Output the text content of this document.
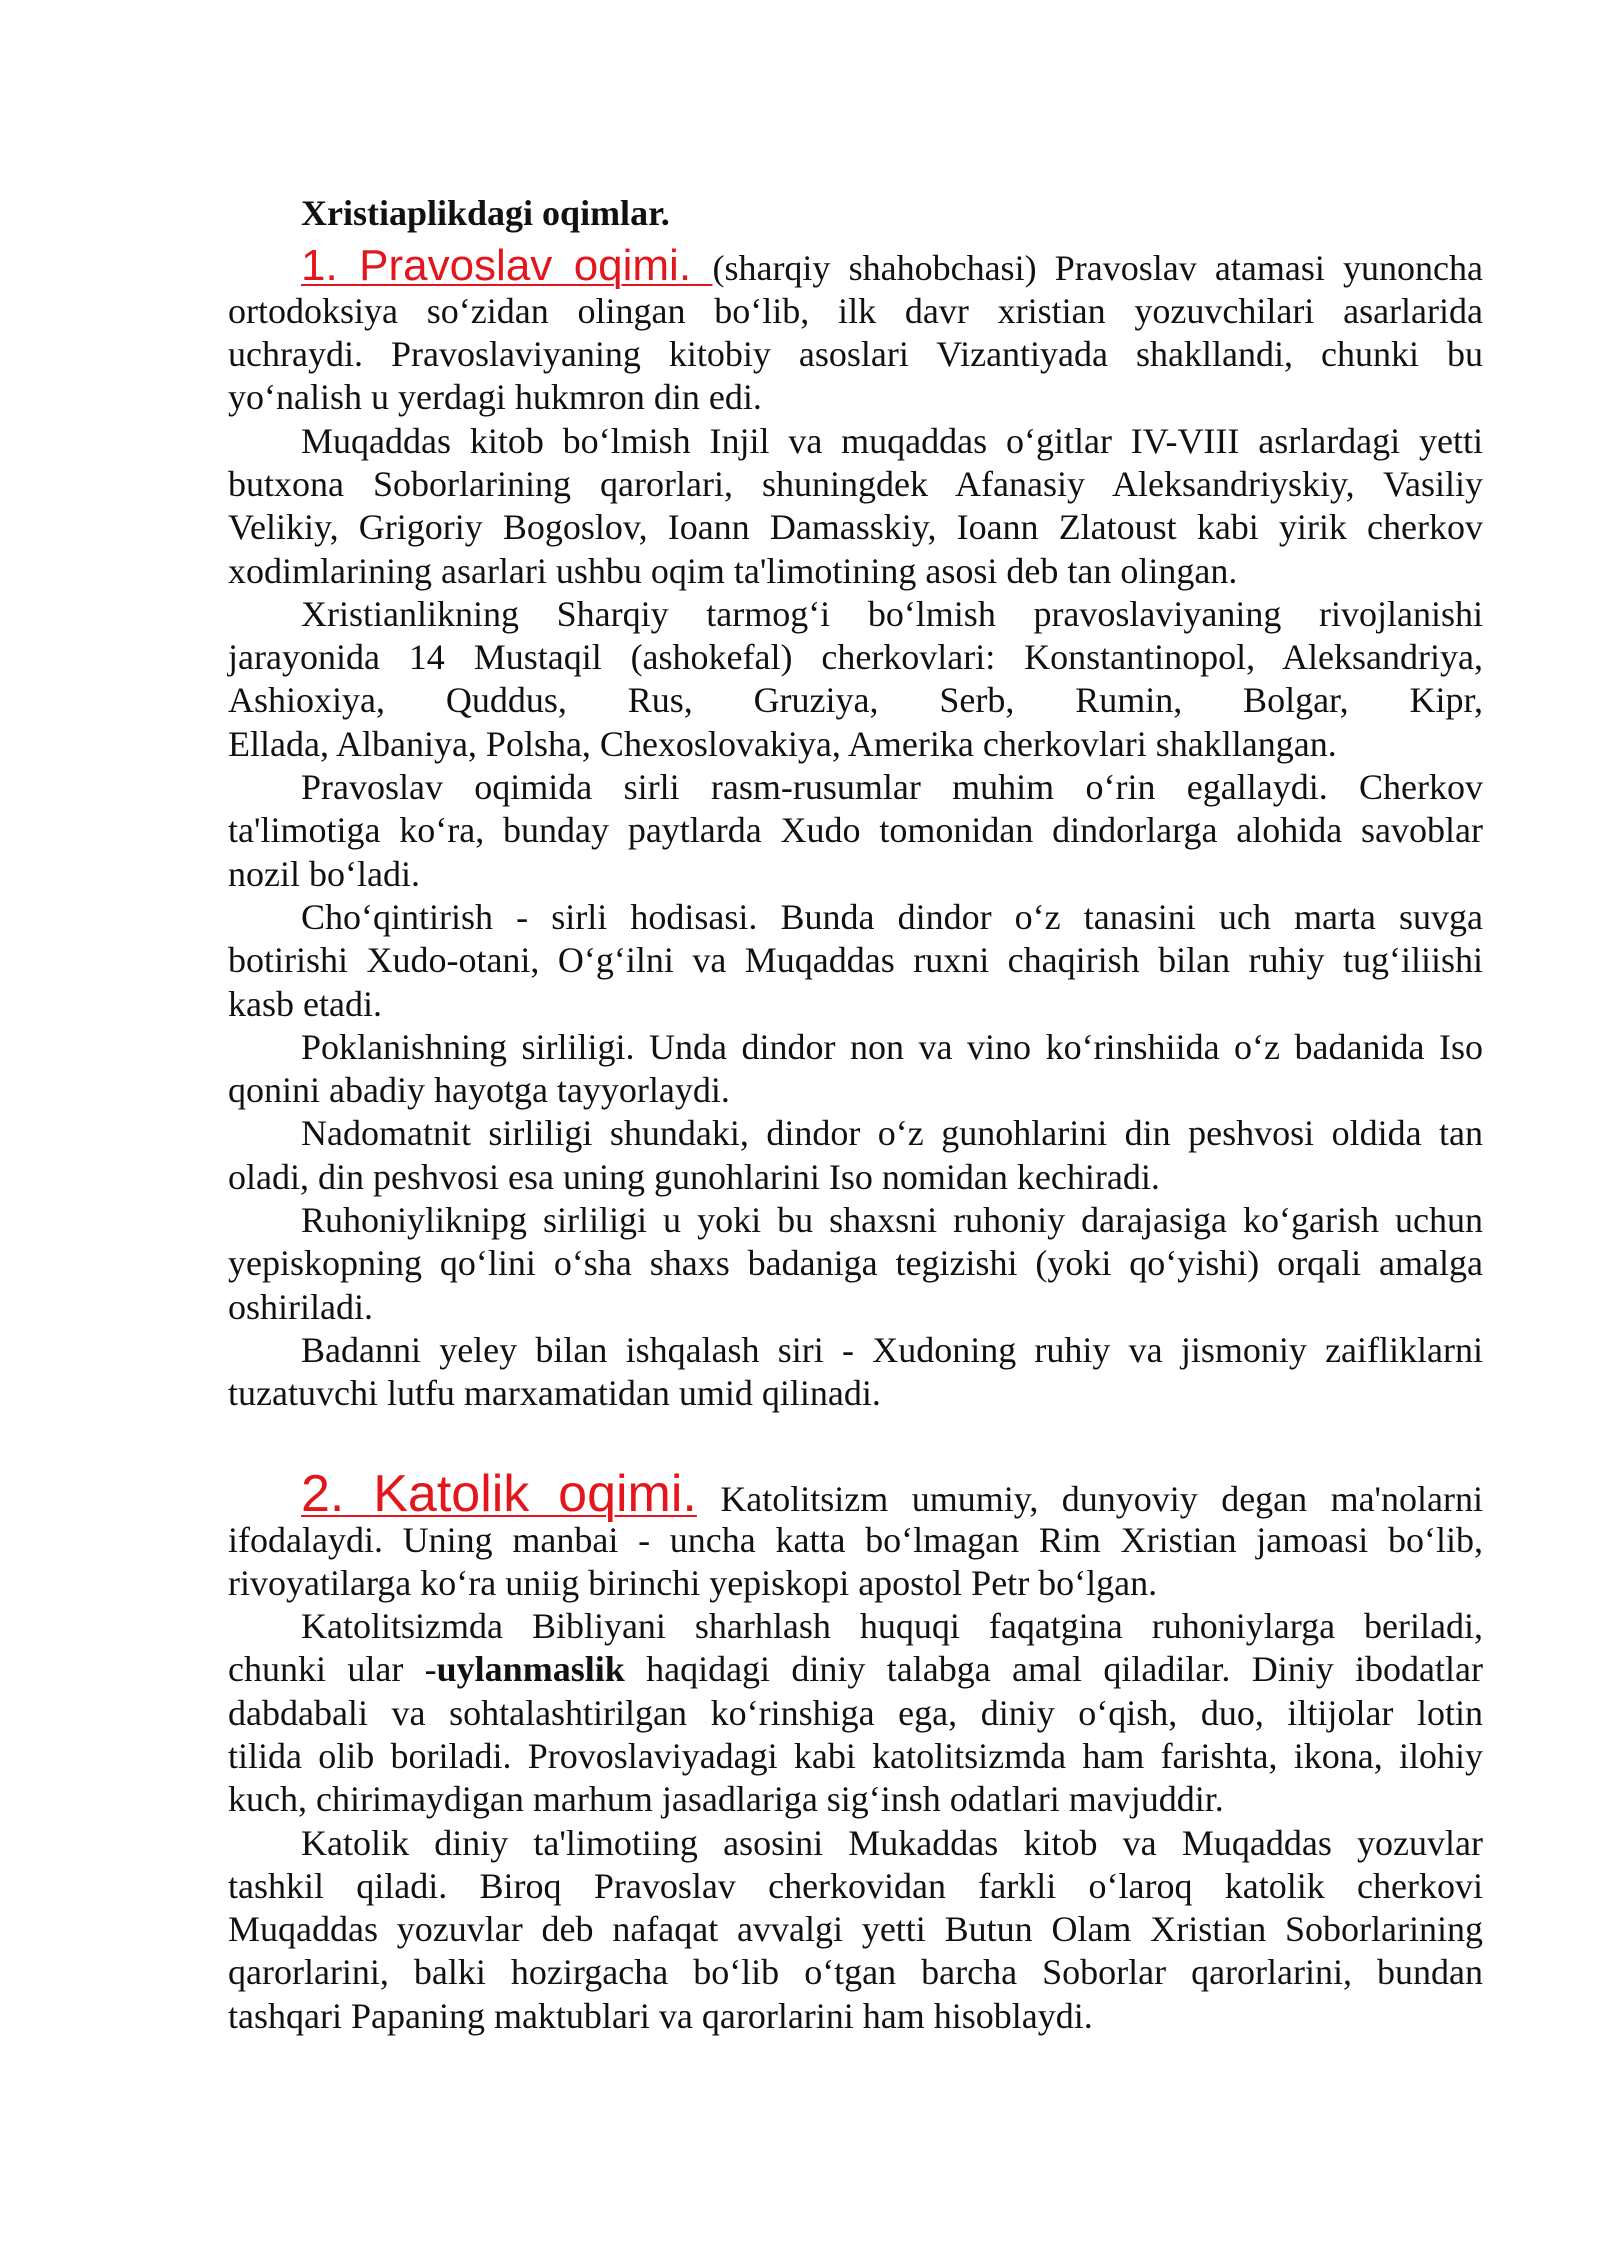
Xristiaplikdagi oqimlar.
1. Pravoslav oqimi. (sharqiy shahobchasi) Pravoslav atamasi yunoncha
ortodoksiya so‘zidan olingan bo‘lib, ilk davr xristian yozuvchilari asarlarida
uchraydi. Pravoslaviyaning kitobiy asoslari Vizantiyada shakllandi, chunki bu
yo‘nalish u yerdagi hukmron din edi.
Muqaddas kitob bo‘lmish Injil va muqaddas o‘gitlar IV-VIII asrlardagi yetti
butxona Soborlarining qarorlari, shuningdek Afanasiy Aleksandriyskiy, Vasiliy
Velikiy, Grigoriy Bogoslov, Ioann Damasskiy, Ioann Zlatoust kabi yirik cherkov
xodimlarining asarlari ushbu oqim ta'limotining asosi deb tan olingan.
Xristianlikning Sharqiy tarmog‘i bo‘lmish pravoslaviyaning rivojlanishi
jarayonida 14 Mustaqil (ashokefal) cherkovlari: Konstantinopol, Aleksandriya,
Ashioxiya, Quddus, Rus, Gruziya, Serb, Rumin, Bolgar, Kipr,
Ellada, Albaniya, Polsha, Chexoslovakiya, Amerika cherkovlari shakllangan.
Pravoslav oqimida sirli rasm-rusumlar muhim o‘rin egallaydi. Cherkov
ta'limotiga ko‘ra, bunday paytlarda Xudo tomonidan dindorlarga alohida savoblar
nozil bo‘ladi.
Cho‘qintirish - sirli hodisasi. Bunda dindor o‘z tanasini uch marta suvga
botirishi Xudo-otani, O‘g‘ilni va Muqaddas ruxni chaqirish bilan ruhiy tug‘iliishi
kasb etadi.
Poklanishning sirliligi. Unda dindor non va vino ko‘rinshiida o‘z badanida Iso
qonini abadiy hayotga tayyorlaydi.
Nadomatnit sirliligi shundaki, dindor o‘z gunohlarini din peshvosi oldida tan
oladi, din peshvosi esa uning gunohlarini Iso nomidan kechiradi.
Ruhoniyliknipg sirliligi u yoki bu shaxsni ruhoniy darajasiga ko‘garish uchun
yepiskopning qo‘lini o‘sha shaxs badaniga tegizishi (yoki qo‘yishi) orqali amalga
oshiriladi.
Badanni yeley bilan ishqalash siri - Xudoning ruhiy va jismoniy zaifliklarni
tuzatuvchi lutfu marxamatidan umid qilinadi.
2. Katolik oqimi. Katolitsizm umumiy, dunyoviy degan ma'nolarni
ifodalaydi. Uning manbai - uncha katta bo‘lmagan Rim Xristian jamoasi bo‘lib,
rivoyatilarga ko‘ra uniig birinchi yepiskopi apostol Petr bo‘lgan.
Katolitsizmda Bibliyani sharhlash huquqi faqatgina ruhoniylarga beriladi,
chunki ular -uylanmaslik haqidagi diniy talabga amal qiladilar. Diniy ibodatlar
dabdabali va sohtalashtirilgan ko‘rinshiga ega, diniy o‘qish, duo, iltijolar lotin
tilida olib boriladi. Provoslaviyadagi kabi katolitsizmda ham farishta, ikona, ilohiy
kuch, chirimaydigan marhum jasadlariga sig‘insh odatlari mavjuddir.
Katolik diniy ta'limotiing asosini Mukaddas kitob va Muqaddas yozuvlar
tashkil qiladi. Biroq Pravoslav cherkovidan farkli o‘laroq katolik cherkovi
Muqaddas yozuvlar deb nafaqat avvalgi yetti Butun Olam Xristian Soborlarining
qarorlarini, balki hozirgacha bo‘lib o‘tgan barcha Soborlar qarorlarini, bundan
tashqari Papaning maktublari va qarorlarini ham hisoblaydi.
